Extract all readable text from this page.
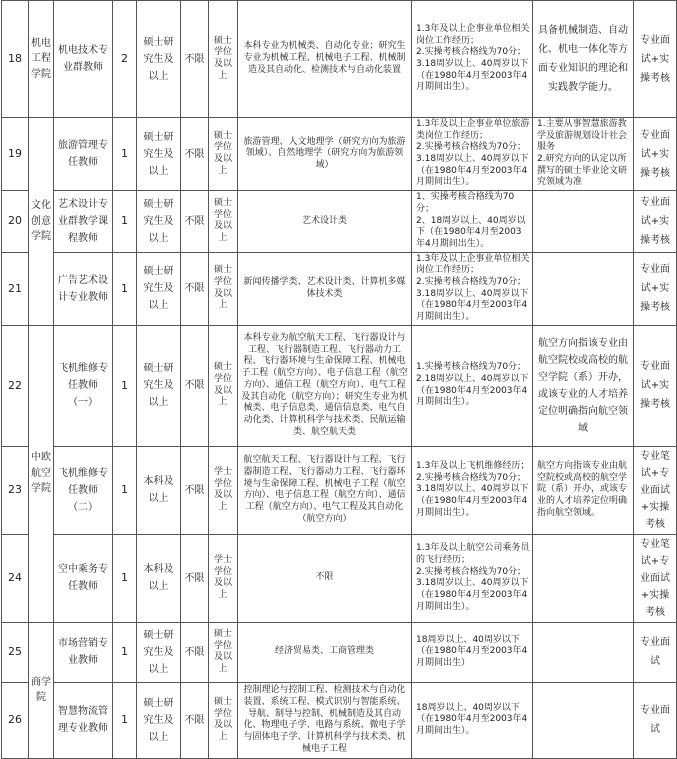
18	机电工程学院	机电技术专业群教师	2	硕士研究生及以上	不限	硕士学位及以上	本科专业为机械类、自动化专业；研究生专业为机械工程、机械电子工程、机械制造及其自动化、检测技术与自动化装置	1.3年及以上企事业单位相关岗位工作经历；
2.实操考核合格线为70分；
3.18周岁以上、40周岁以下（在1980年4月至2003年4月期间出生）。	具备机械制造、自动化、机电一体化等方面专业知识的理论和实践教学能力。	专业面试+实操考核
19	文化创意学院	旅游管理专任教师	1	硕士研究生及以上	不限	硕士学位及以上	旅游管理、人文地理学（研究方向为旅游领域）、自然地理学（研究方向为旅游领域）	1.3年及以上企事业单位旅游类岗位工作经历；
2.实操考核合格线为70分；
3.18周岁以上、40周岁以下（在1980年4月至2003年4月期间出生）。	1.主要从事智慧旅游教学及旅游规划设计社会服务
2.研究方向的认定以所撰写的硕士毕业论文研究领域为准	专业面试+实操考核
20		艺术设计专业群教学课程教师	1	硕士研究生及以上	不限	硕士学位及以上	艺术设计类	1、实操考核合格线为70分；
2、18周岁以上、40周岁以下（在1980年4月至2003年4月期间出生）。		专业面试+实操考核
21		广告艺术设计专业教师	1	硕士研究生及以上	不限	硕士学位及以上	新闻传播学类、艺术设计类、计算机多媒体技术类	1.3年及以上企事业单位相关岗位工作经历；
2.实操考核合格线为70分；
3.18周岁以上、40周岁以下（在1980年4月至2003年4月期间出生）。		专业面试+实操考核
22	中欧航空学院	飞机维修专任教师（一）	1	硕士研究生及以上	不限	硕士学位及以上	本科专业为航空航天工程、飞行器设计与工程、飞行器制造工程、飞行器动力工程、飞行器环境与生命保障工程、机械电子工程（航空方向）、电子信息工程（航空方向）、通信工程（航空方向）、电气工程及其自动化（航空方向）；研究生专业为机械类、电子信息类、通信信息类、电气自动化类、计算机科学与技术类、民航运输类、航空航天类	1.实操考核合格线为70分；
2.18周岁以上、40周岁以下（在1980年4月至2003年4月期间出生）。	航空方向指该专业由航空院校或高校的航空学院（系）开办，或该专业的人才培养定位明确指向航空领域	专业面试+实操考核
23		飞机维修专任教师（二）	1	本科及以上	不限	学士学位及以上	航空航天工程、飞行器设计与工程、飞行器制造工程、飞行器动力工程、飞行器环境与生命保障工程、机械电子工程（航空方向）、电子信息工程（航空方向）、通信工程（航空方向）、电气工程及其自动化（航空方向）	1.3年及以上飞机维修经历；
2.实操考核合格线为70分；
3.18周岁以上、40周岁以下（在1980年4月至2003年4月期间出生）。	航空方向指该专业由航空院校或高校的航空学院（系）开办，或该专业的人才培养定位明确指向航空领域。	专业笔试+专业面试+实操考核
24		空中乘务专任教师	1	本科及以上	不限	学士学位及以上	不限	1.3年及以上航空公司乘务员的飞行经历；
2.实操考核合格线为70分；
3.18周岁以上、40周岁以下（在1980年4月至2003年4月期间出生）。		专业笔试+专业面试+实操考核
25	商学院	市场营销专业教师	1	硕士研究生及以上	不限	硕士学位及以上	经济贸易类、工商管理类	18周岁以上、40周岁以下（在1980年4月至2003年4月期间出生）		专业面试
26		智慧物流管理专业教师	1	硕士研究生及以上	不限	硕士学位及以上	控制理论与控制工程、检测技术与自动化装置、系统工程、模式识别与智能系统、导航、制导与控制、机械制造及其自动化、物理电子学、电路与系统、微电子学与固体电子学、计算机科学与技术类、机械电子工程	18周岁以上、40周岁以下（在1980年4月至2003年4月期间出生）。		专业面试
